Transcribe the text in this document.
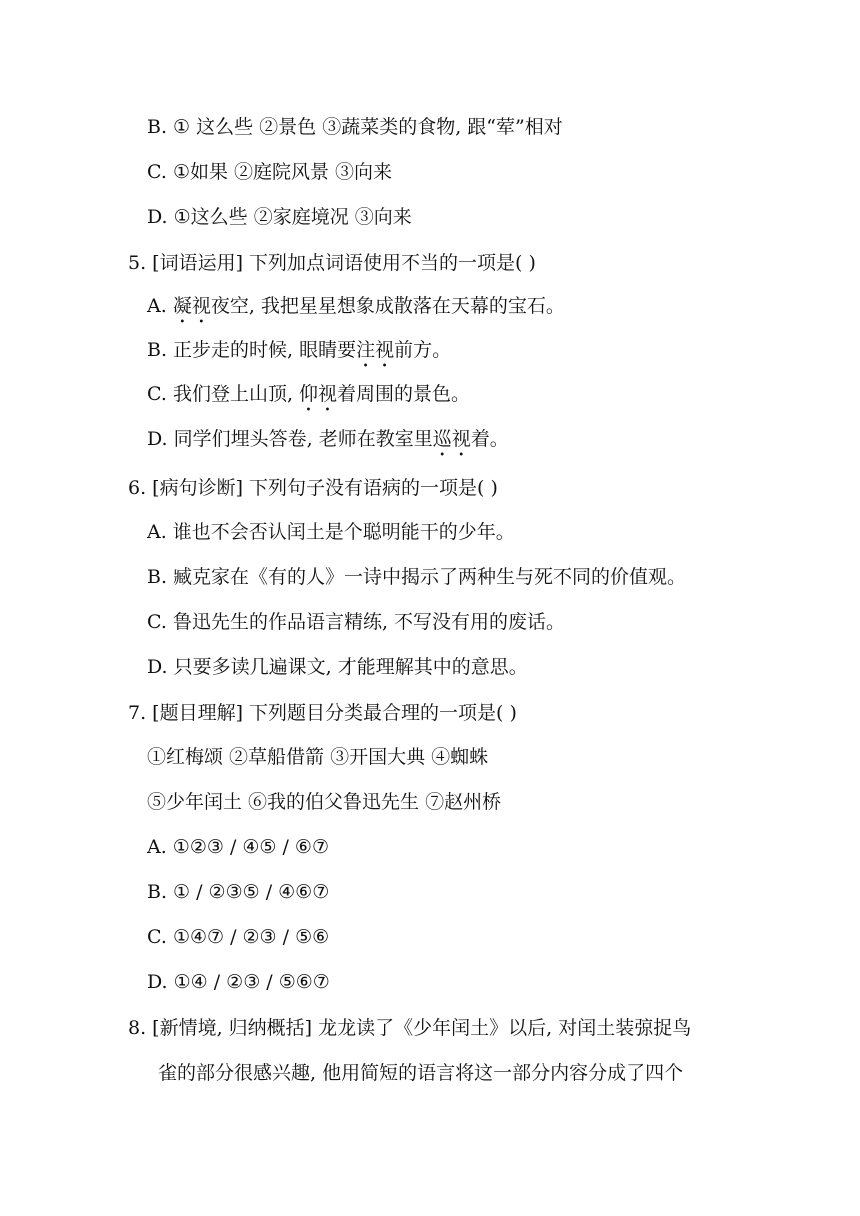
B. ① 这么些 ②景色 ③蔬菜类的食物, 跟“荤”相对
C. ①如果 ②庭院风景 ③向来
D. ①这么些 ②家庭境况 ③向来
5. [词语运用] 下列加点词语使用不当的一项是( )
A. 凝视夜空, 我把星星想象成散落在天幕的宝石。
B. 正步走的时候, 眼睛要注视前方。
C. 我们登上山顶, 仰视着周围的景色。
D. 同学们埋头答卷, 老师在教室里巡视着。
6. [病句诊断] 下列句子没有语病的一项是( )
A. 谁也不会否认闰土是个聪明能干的少年。
B. 臧克家在《有的人》一诗中揭示了两种生与死不同的价值观。
C. 鲁迅先生的作品语言精练, 不写没有用的废话。
D. 只要多读几遍课文, 才能理解其中的意思。
7. [题目理解] 下列题目分类最合理的一项是( )
①红梅颂 ②草船借箭 ③开国大典 ④蜘蛛
⑤少年闰土 ⑥我的伯父鲁迅先生 ⑦赵州桥
A. ①②③ / ④⑤ / ⑥⑦
B. ① / ②③⑤ / ④⑥⑦
C. ①④⑦ / ②③ / ⑤⑥
D. ①④ / ②③ / ⑤⑥⑦
8. [新情境, 归纳概括] 龙龙读了《少年闰土》以后, 对闰土装弶捉鸟
雀的部分很感兴趣, 他用简短的语言将这一部分内容分成了四个
